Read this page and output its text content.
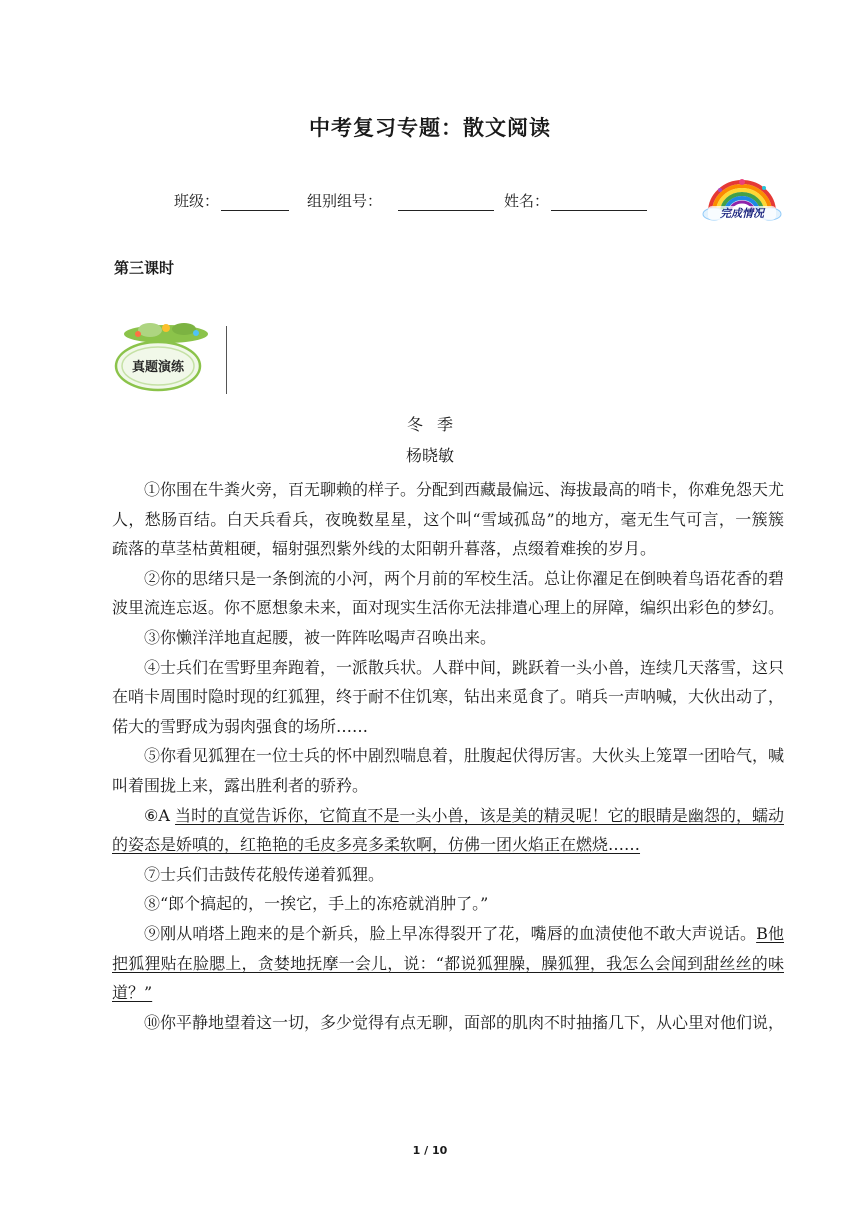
中考复习专题：散文阅读
班级：	组别组号：	姓名：
完成情况
第三课时
真题演练
冬季
杨晓敏

①你围在牛粪火旁，百无聊赖的样子。分配到西藏最偏远、海拔最高的哨卡，你难免怨天尤人，愁肠百结。白天兵看兵，夜晚数星星，这个叫“雪域孤岛”的地方，毫无生气可言，一簇簇疏落的草茎枯黄粗硬，辐射强烈紫外线的太阳朝升暮落，点缀着难挨的岁月。

②你的思绪只是一条倒流的小河，两个月前的军校生活。总让你濯足在倒映着鸟语花香的碧波里流连忘返。你不愿想象未来，面对现实生活你无法排遣心理上的屏障，编织出彩色的梦幻。

③你懒洋洋地直起腰，被一阵阵吆喝声召唤出来。

④士兵们在雪野里奔跑着，一派散兵状。人群中间，跳跃着一头小兽，连续几天落雪，这只在哨卡周围时隐时现的红狐狸，终于耐不住饥寒，钻出来觅食了。哨兵一声呐喊，大伙出动了，偌大的雪野成为弱肉强食的场所……

⑤你看见狐狸在一位士兵的怀中剧烈喘息着，肚腹起伏得厉害。大伙头上笼罩一团哈气，喊叫着围拢上来，露出胜利者的骄矜。

⑥A 当时的直觉告诉你，它简直不是一头小兽，该是美的精灵呢！它的眼睛是幽怨的，蠕动的姿态是娇嗔的，红艳艳的毛皮多亮多柔软啊，仿佛一团火焰正在燃烧……

⑦士兵们击鼓传花般传递着狐狸。

⑧“郎个搞起的，一挨它，手上的冻疮就消肿了。”

⑨刚从哨塔上跑来的是个新兵，脸上早冻得裂开了花，嘴唇的血渍使他不敢大声说话。B他把狐狸贴在脸腮上，贪婪地抚摩一会儿，说：“都说狐狸臊，臊狐狸，我怎么会闻到甜丝丝的味道？”

⑩你平静地望着这一切，多少觉得有点无聊，面部的肌肉不时抽搐几下，从心里对他们说，

1 / 10
